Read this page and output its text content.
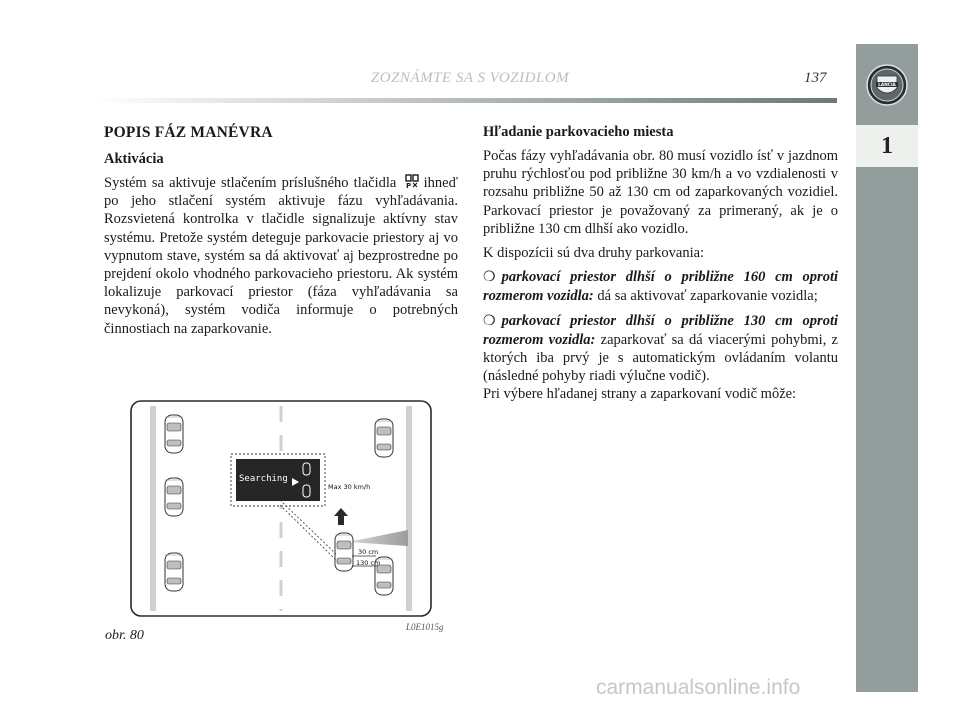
ZOZNÁMTE SA S VOZIDLOM	137	LANCIA
1
POPIS FÁZ MANÉVRA
Aktivácia

Systém sa aktivuje stlačením príslušného tlačidla P ihneď po jeho stlačení systém aktivuje fázu vyhľadávania. Rozsvietená kontrolka v tlačidle signalizuje aktívny stav systému. Pretože systém deteguje parkovacie priestory aj vo vypnutom stave, systém sa dá aktivovať aj bezprostredne po prejdení okolo vhodného parkovacieho priestoru. Ak systém lokalizuje parkovací priestor (fáza vyhľadávania sa nevykoná), systém vodiča informuje o potrebných činnostiach na zaparkovanie.

Hľadanie parkovacieho miesta

Počas fázy vyhľadávania obr. 80 musí vozidlo ísť v jazdnom pruhu rýchlosťou pod približne 30 km/h a vo vzdialenosti v rozsahu približne 50 až 130 cm od zaparkovaných vozidiel. Parkovací priestor je považovaný za primeraný, ak je o približne 130 cm dlhší ako vozidlo.

K dispozícii sú dva druhy parkovania:

❍ parkovací priestor dlhší o približne 160 cm oproti rozmerom vozidla: dá sa aktivovať zaparkovanie vozidla;

❍ parkovací priestor dlhší o približne 130 cm oproti rozmerom vozidla: zaparkovať sa dá viacerými pohybmi, z ktorých iba prvý je s automatickým ovládaním volantu (následné pohyby riadi výlučne vodič).

Pri výbere hľadanej strany a zaparkovaní vodič môže:

Max 30 km/h
Searching
30 cm
130 cm
obr. 80
L0E1015g
carmanualsonline.info
